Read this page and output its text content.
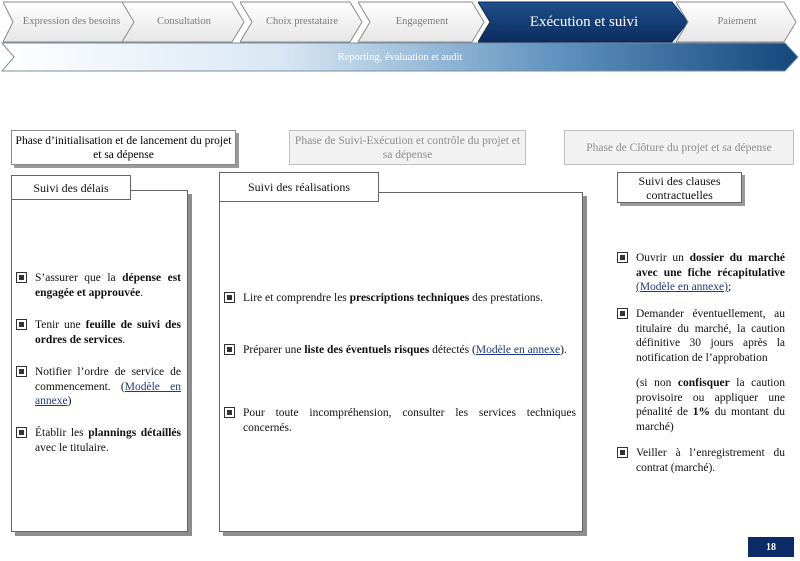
Expression des besoins	Consultation	Choix prestataire	Engagement	Exécution et suivi	Paiement
Reporting, évaluation et audit
Phase d’initialisation et de lancement du projet et sa dépense
Phase de Suivi-Exécution et contrôle du projet et sa dépense
Phase de Clôture du projet et sa dépense
Suivi des délais
S’assurer que la dépense est engagée et approuvée.
Tenir une feuille de suivi des ordres de services.
Notifier l’ordre de service de commencement. (Modèle en annexe)
Établir les plannings détaillés avec le titulaire.
Suivi des réalisations
Lire et comprendre les prescriptions techniques des prestations.
Préparer une liste des éventuels risques détectés (Modèle en annexe).
Pour toute incompréhension, consulter les services techniques concernés.
Suivi des clauses contractuelles
Ouvrir un dossier du marché avec une fiche récapitulative (Modèle en annexe);
Demander éventuellement, au titulaire du marché, la caution définitive 30 jours après la notification de l’approbation
(si non confisquer la caution provisoire ou appliquer une pénalité de 1% du montant du marché)
Veiller à l’enregistrement du contrat (marché).
18
